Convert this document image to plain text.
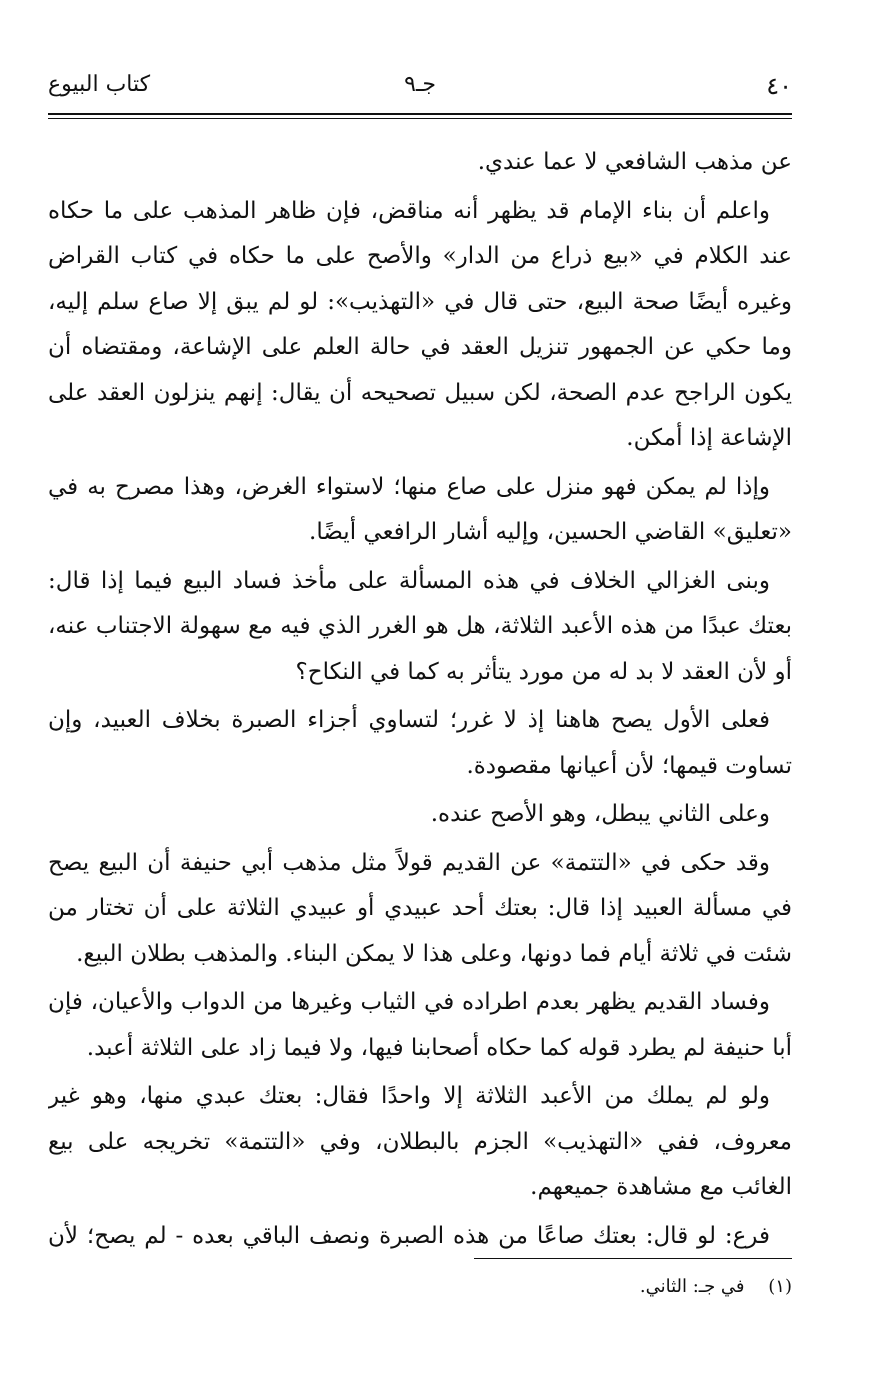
٤٠
جـ٩
كتاب البيوع

عن مذهب الشافعي لا عما عندي.

واعلم أن بناء الإمام قد يظهر أنه مناقض، فإن ظاهر المذهب على ما حكاه عند الكلام في «بيع ذراع من الدار» والأصح على ما حكاه في كتاب القراض وغيره أيضًا صحة البيع، حتى قال في «التهذيب»: لو لم يبق إلا صاع سلم إليه، وما حكي عن الجمهور تنزيل العقد في حالة العلم على الإشاعة، ومقتضاه أن يكون الراجح عدم الصحة، لكن سبيل تصحيحه أن يقال: إنهم ينزلون العقد على الإشاعة إذا أمكن.

وإذا لم يمكن فهو منزل على صاع منها؛ لاستواء الغرض، وهذا مصرح به في «تعليق» القاضي الحسين، وإليه أشار الرافعي أيضًا.

وبنى الغزالي الخلاف في هذه المسألة على مأخذ فساد البيع فيما إذا قال: بعتك عبدًا من هذه الأعبد الثلاثة، هل هو الغرر الذي فيه مع سهولة الاجتناب عنه، أو لأن العقد لا بد له من مورد يتأثر به كما في النكاح؟

فعلى الأول يصح هاهنا إذ لا غرر؛ لتساوي أجزاء الصبرة بخلاف العبيد، وإن تساوت قيمها؛ لأن أعيانها مقصودة.

وعلى الثاني يبطل، وهو الأصح عنده.

وقد حكى في «التتمة» عن القديم قولاً مثل مذهب أبي حنيفة أن البيع يصح في مسألة العبيد إذا قال: بعتك أحد عبيدي أو عبيدي الثلاثة على أن تختار من شئت في ثلاثة أيام فما دونها، وعلى هذا لا يمكن البناء. والمذهب بطلان البيع.

وفساد القديم يظهر بعدم اطراده في الثياب وغيرها من الدواب والأعيان، فإن أبا حنيفة لم يطرد قوله كما حكاه أصحابنا فيها، ولا فيما زاد على الثلاثة أعبد.

ولو لم يملك من الأعبد الثلاثة إلا واحدًا فقال: بعتك عبدي منها، وهو غير معروف، ففي «التهذيب» الجزم بالبطلان، وفي «التتمة» تخريجه على بيع الغائب مع مشاهدة جميعهم.

فرع: لو قال: بعتك صاعًا من هذه الصبرة ونصف الباقي بعده - لم يصح؛ لأن

(١) في جـ: الثاني.
